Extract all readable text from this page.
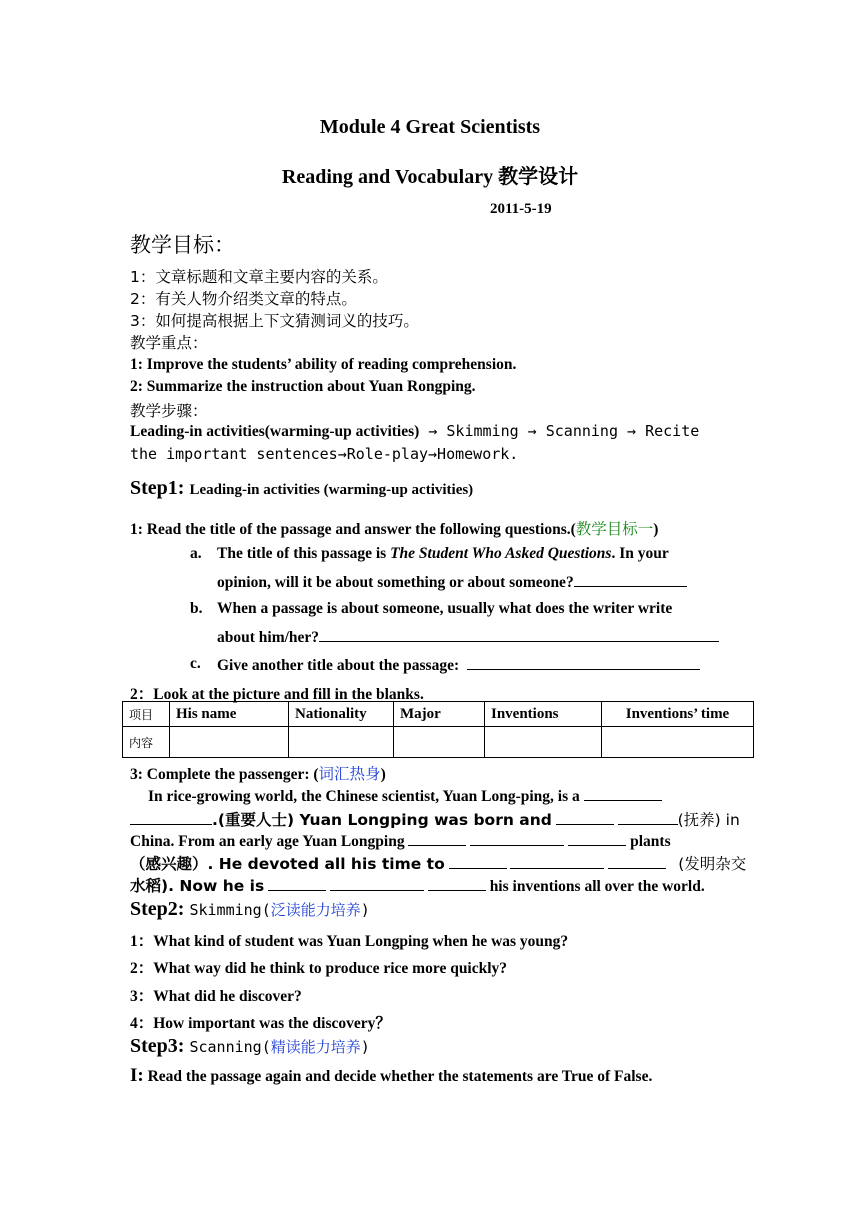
Module 4 Great Scientists
Reading and Vocabulary 教学设计
2011-5-19
教学目标：
1：文章标题和文章主要内容的关系。
2：有关人物介绍类文章的特点。
3：如何提高根据上下文猜测词义的技巧。
教学重点：
1: Improve the students’ ability of reading comprehension.
2: Summarize the instruction about Yuan Rongping.
教学步骤：
Leading-in activities(warming-up activities) → Skimming → Scanning → Recite
the important sentences→Role-play→Homework.
Step1: Leading-in activities (warming-up activities)
1: Read the title of the passage and answer the following questions.(教学目标一)
a. The title of this passage is The Student Who Asked Questions. In your
opinion, will it be about something or about someone?
b. When a passage is about someone, usually what does the writer write
about him/her?
c. Give another title about the passage:
2：Look at the picture and fill in the blanks.
项目	His name	Nationality	Major	Inventions	Inventions’ time
内容					
3: Complete the passenger: (词汇热身)
In rice-growing world, the Chinese scientist, Yuan Long-ping, is a
.(重要人士) Yuan Longping was born and	(抚养) in
China. From an early age Yuan Longping	plants
（感兴趣）. He devoted all his time to	(发明杂交
水稻). Now he is	his inventions all over the world.
Step2: Skimming(泛读能力培养)
1：What kind of student was Yuan Longping when he was young?
2：What way did he think to produce rice more quickly?
3：What did he discover?
4：How important was the discovery？
Step3: Scanning(精读能力培养)
I: Read the passage again and decide whether the statements are True of False.
